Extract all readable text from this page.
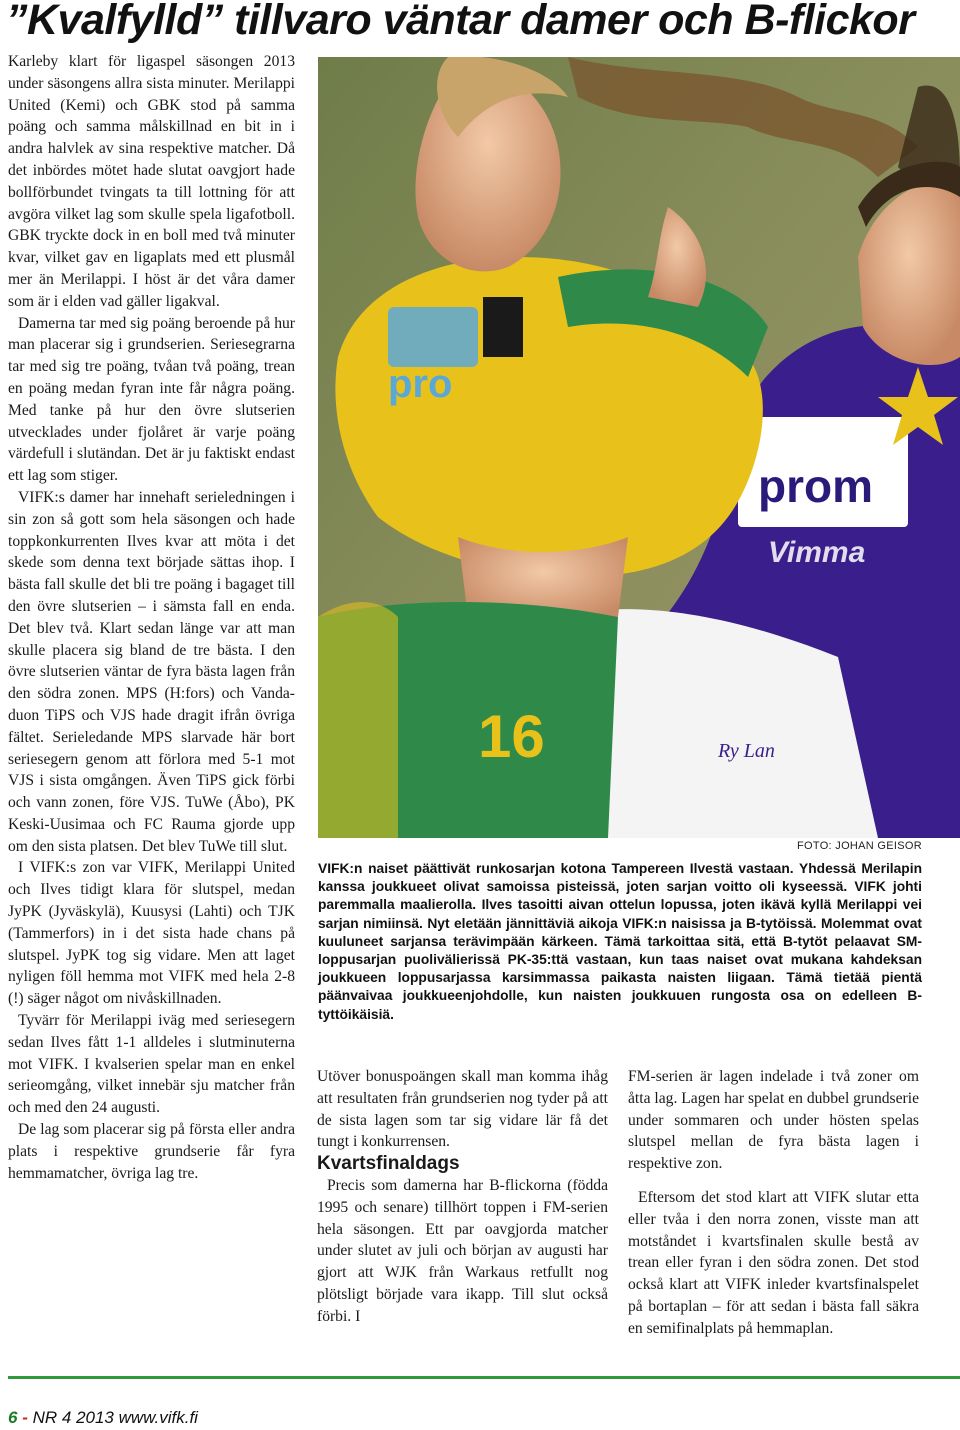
”Kvalfylld” tillvaro väntar damer och B-flickor

Karleby klart för ligaspel säsongen 2013 under säsongens allra sista minuter. Merilappi United (Kemi) och GBK stod på samma poäng och samma målskillnad en bit in i andra halvlek av sina respektive matcher. Då det inbördes mötet hade slutat oavgjort hade bollförbundet tvingats ta till lottning för att avgöra vilket lag som skulle spela ligafotboll. GBK tryckte dock in en boll med två minuter kvar, vilket gav en ligaplats med ett plusmål mer än Merilappi. I höst är det våra damer som är i elden vad gäller ligakval.

Damerna tar med sig poäng beroende på hur man placerar sig i grundserien. Seriesegrarna tar med sig tre poäng, tvåan två poäng, trean en poäng medan fyran inte får några poäng. Med tanke på hur den övre slutserien utvecklades under fjolåret är varje poäng värdefull i slutändan. Det är ju faktiskt endast ett lag som stiger.

VIFK:s damer har innehaft serieledningen i sin zon så gott som hela säsongen och hade toppkonkurrenten Ilves kvar att möta i det skede som denna text började sättas ihop. I bästa fall skulle det bli tre poäng i bagaget till den övre slutserien – i sämsta fall en enda. Det blev två. Klart sedan länge var att man skulle placera sig bland de tre bästa. I den övre slutserien väntar de fyra bästa lagen från den södra zonen. MPS (H:fors) och Vanda-duon TiPS och VJS hade dragit ifrån övriga fältet. Serieledande MPS slarvade här bort seriesegern genom att förlora med 5-1 mot VJS i sista omgången. Även TiPS gick förbi och vann zonen, före VJS. TuWe (Åbo), PK Keski-Uusimaa och FC Rauma gjorde upp om den sista platsen. Det blev TuWe till slut.

I VIFK:s zon var VIFK, Merilappi United och Ilves tidigt klara för slutspel, medan JyPK (Jyväskylä), Kuusysi (Lahti) och TJK (Tammerfors) in i det sista hade chans på slutspel. JyPK tog sig vidare. Men att laget nyligen föll hemma mot VIFK med hela 2-8 (!) säger något om nivåskillnaden.

Tyvärr för Merilappi iväg med seriesegern sedan Ilves fått 1-1 alldeles i slutminuterna mot VIFK. I kvalserien spelar man en enkel serieomgång, vilket innebär sju matcher från och med den 24 augusti.

De lag som placerar sig på första eller andra plats i respektive grundserie får fyra hemmamatcher, övriga lag tre.

prom
Vimma
Ry Lan
pro
16
FOTO: JOHAN GEISOR
VIFK:n naiset päättivät runkosarjan kotona Tampereen Ilvestä vastaan. Yhdessä Merilapin kanssa joukkueet olivat samoissa pisteissä, joten sarjan voitto oli kyseessä. VIFK johti paremmalla maalierolla. Ilves tasoitti aivan ottelun lopussa, joten ikävä kyllä Merilappi vei sarjan nimiinsä. Nyt eletään jännittäviä aikoja VIFK:n naisissa ja B-tytöissä. Molemmat ovat kuuluneet sarjansa terävimpään kärkeen. Tämä tarkoittaa sitä, että B-tytöt pelaavat SM-loppusarjan puolivälierissä PK-35:ttä vastaan, kun taas naiset ovat mukana kahdeksan joukkueen loppusarjassa karsimmassa paikasta naisten liigaan. Tämä tietää pientä päänvaivaa joukkueenjohdolle, kun naisten joukkuuen rungosta osa on edelleen B-tyttöikäisiä.

Utöver bonuspoängen skall man komma ihåg att resultaten från grundserien nog tyder på att de sista lagen som tar sig vidare lär få det tungt i konkurrensen.

Kvartsfinaldags

Precis som damerna har B-flickorna (födda 1995 och senare) tillhört toppen i FM-serien hela säsongen. Ett par oavgjorda matcher under slutet av juli och början av augusti har gjort att WJK från Warkaus retfullt nog plötsligt började vara ikapp. Till slut också förbi. I

FM-serien är lagen indelade i två zoner om åtta lag. Lagen har spelat en dubbel grundserie under sommaren och under hösten spelas slutspel mellan de fyra bästa lagen i respektive zon.

Eftersom det stod klart att VIFK slutar etta eller tvåa i den norra zonen, visste man att motståndet i kvartsfinalen skulle bestå av trean eller fyran i den södra zonen. Det stod också klart att VIFK inleder kvartsfinalspelet på bortaplan – för att sedan i bästa fall säkra en semifinalplats på hemmaplan.

6 - NR 4 2013 www.vifk.fi
